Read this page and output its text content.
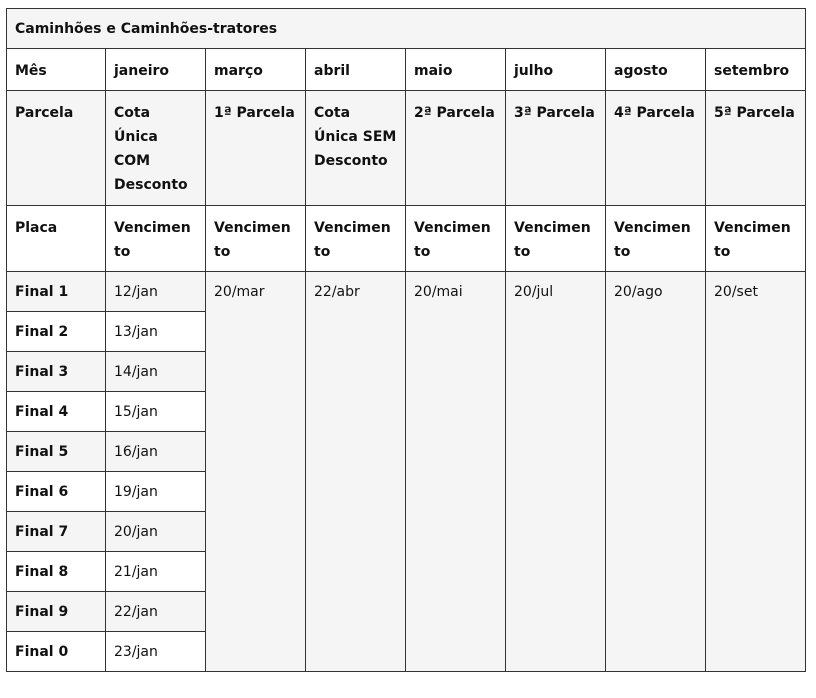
Caminhões e Caminhões-tratores							
Mês	janeiro	março	abril	maio	julho	agosto	setembro
Parcela	Cota Única COM Desconto	1ª Parcela	Cota Única SEM Desconto	2ª Parcela	3ª Parcela	4ª Parcela	5ª Parcela
Placa	Vencimento	Vencimento	Vencimento	Vencimento	Vencimento	Vencimento	Vencimento
Final 1	12/jan	20/mar	22/abr	20/mai	20/jul	20/ago	20/set
Final 2	13/jan						
Final 3	14/jan						
Final 4	15/jan						
Final 5	16/jan						
Final 6	19/jan						
Final 7	20/jan						
Final 8	21/jan						
Final 9	22/jan						
Final 0	23/jan						
